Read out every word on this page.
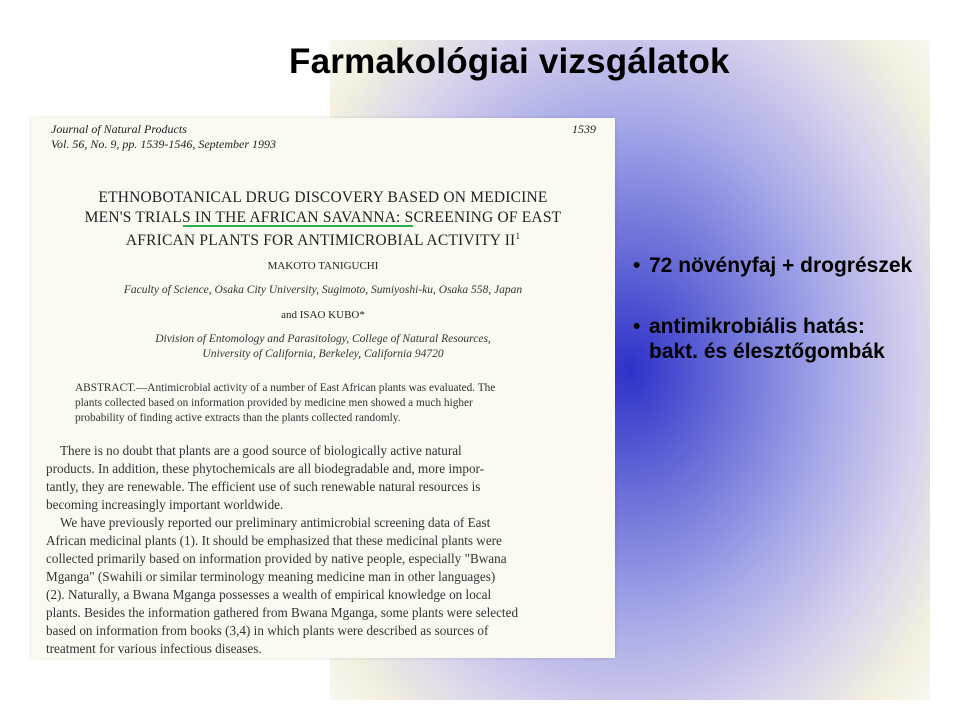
Farmakológiai vizsgálatok
Journal of Natural Products
Vol. 56, No. 9, pp. 1539-1546, September 1993
1539
ETHNOBOTANICAL DRUG DISCOVERY BASED ON MEDICINE
MEN'S TRIALS IN THE AFRICAN SAVANNA: SCREENING OF EAST
AFRICAN PLANTS FOR ANTIMICROBIAL ACTIVITY $II^1$
MAKOTO TANIGUCHI
Faculty of Science, Osaka City University, Sugimoto, Sumiyoshi-ku, Osaka 558, Japan
and ISAO KUBO*
Division of Entomology and Parasitology, College of Natural Resources,
University of California, Berkeley, California 94720
ABSTRACT.—Antimicrobial activity of a number of East African plants was evaluated. The
plants collected based on information provided by medicine men showed a much higher
probability of finding active extracts than the plants collected randomly.
There is no doubt that plants are a good source of biologically active natural
products. In addition, these phytochemicals are all biodegradable and, more impor-
tantly, they are renewable. The efficient use of such renewable natural resources is
becoming increasingly important worldwide.
We have previously reported our preliminary antimicrobial screening data of East
African medicinal plants (1). It should be emphasized that these medicinal plants were
collected primarily based on information provided by native people, especially "Bwana
Mganga" (Swahili or similar terminology meaning medicine man in other languages)
(2). Naturally, a Bwana Mganga possesses a wealth of empirical knowledge on local
plants. Besides the information gathered from Bwana Mganga, some plants were selected
based on information from books (3,4) in which plants were described as sources of
treatment for various infectious diseases.
• 72 növényfaj + drogrészek
• antimikrobiális hatás:
bakt. és élesztőgombák
